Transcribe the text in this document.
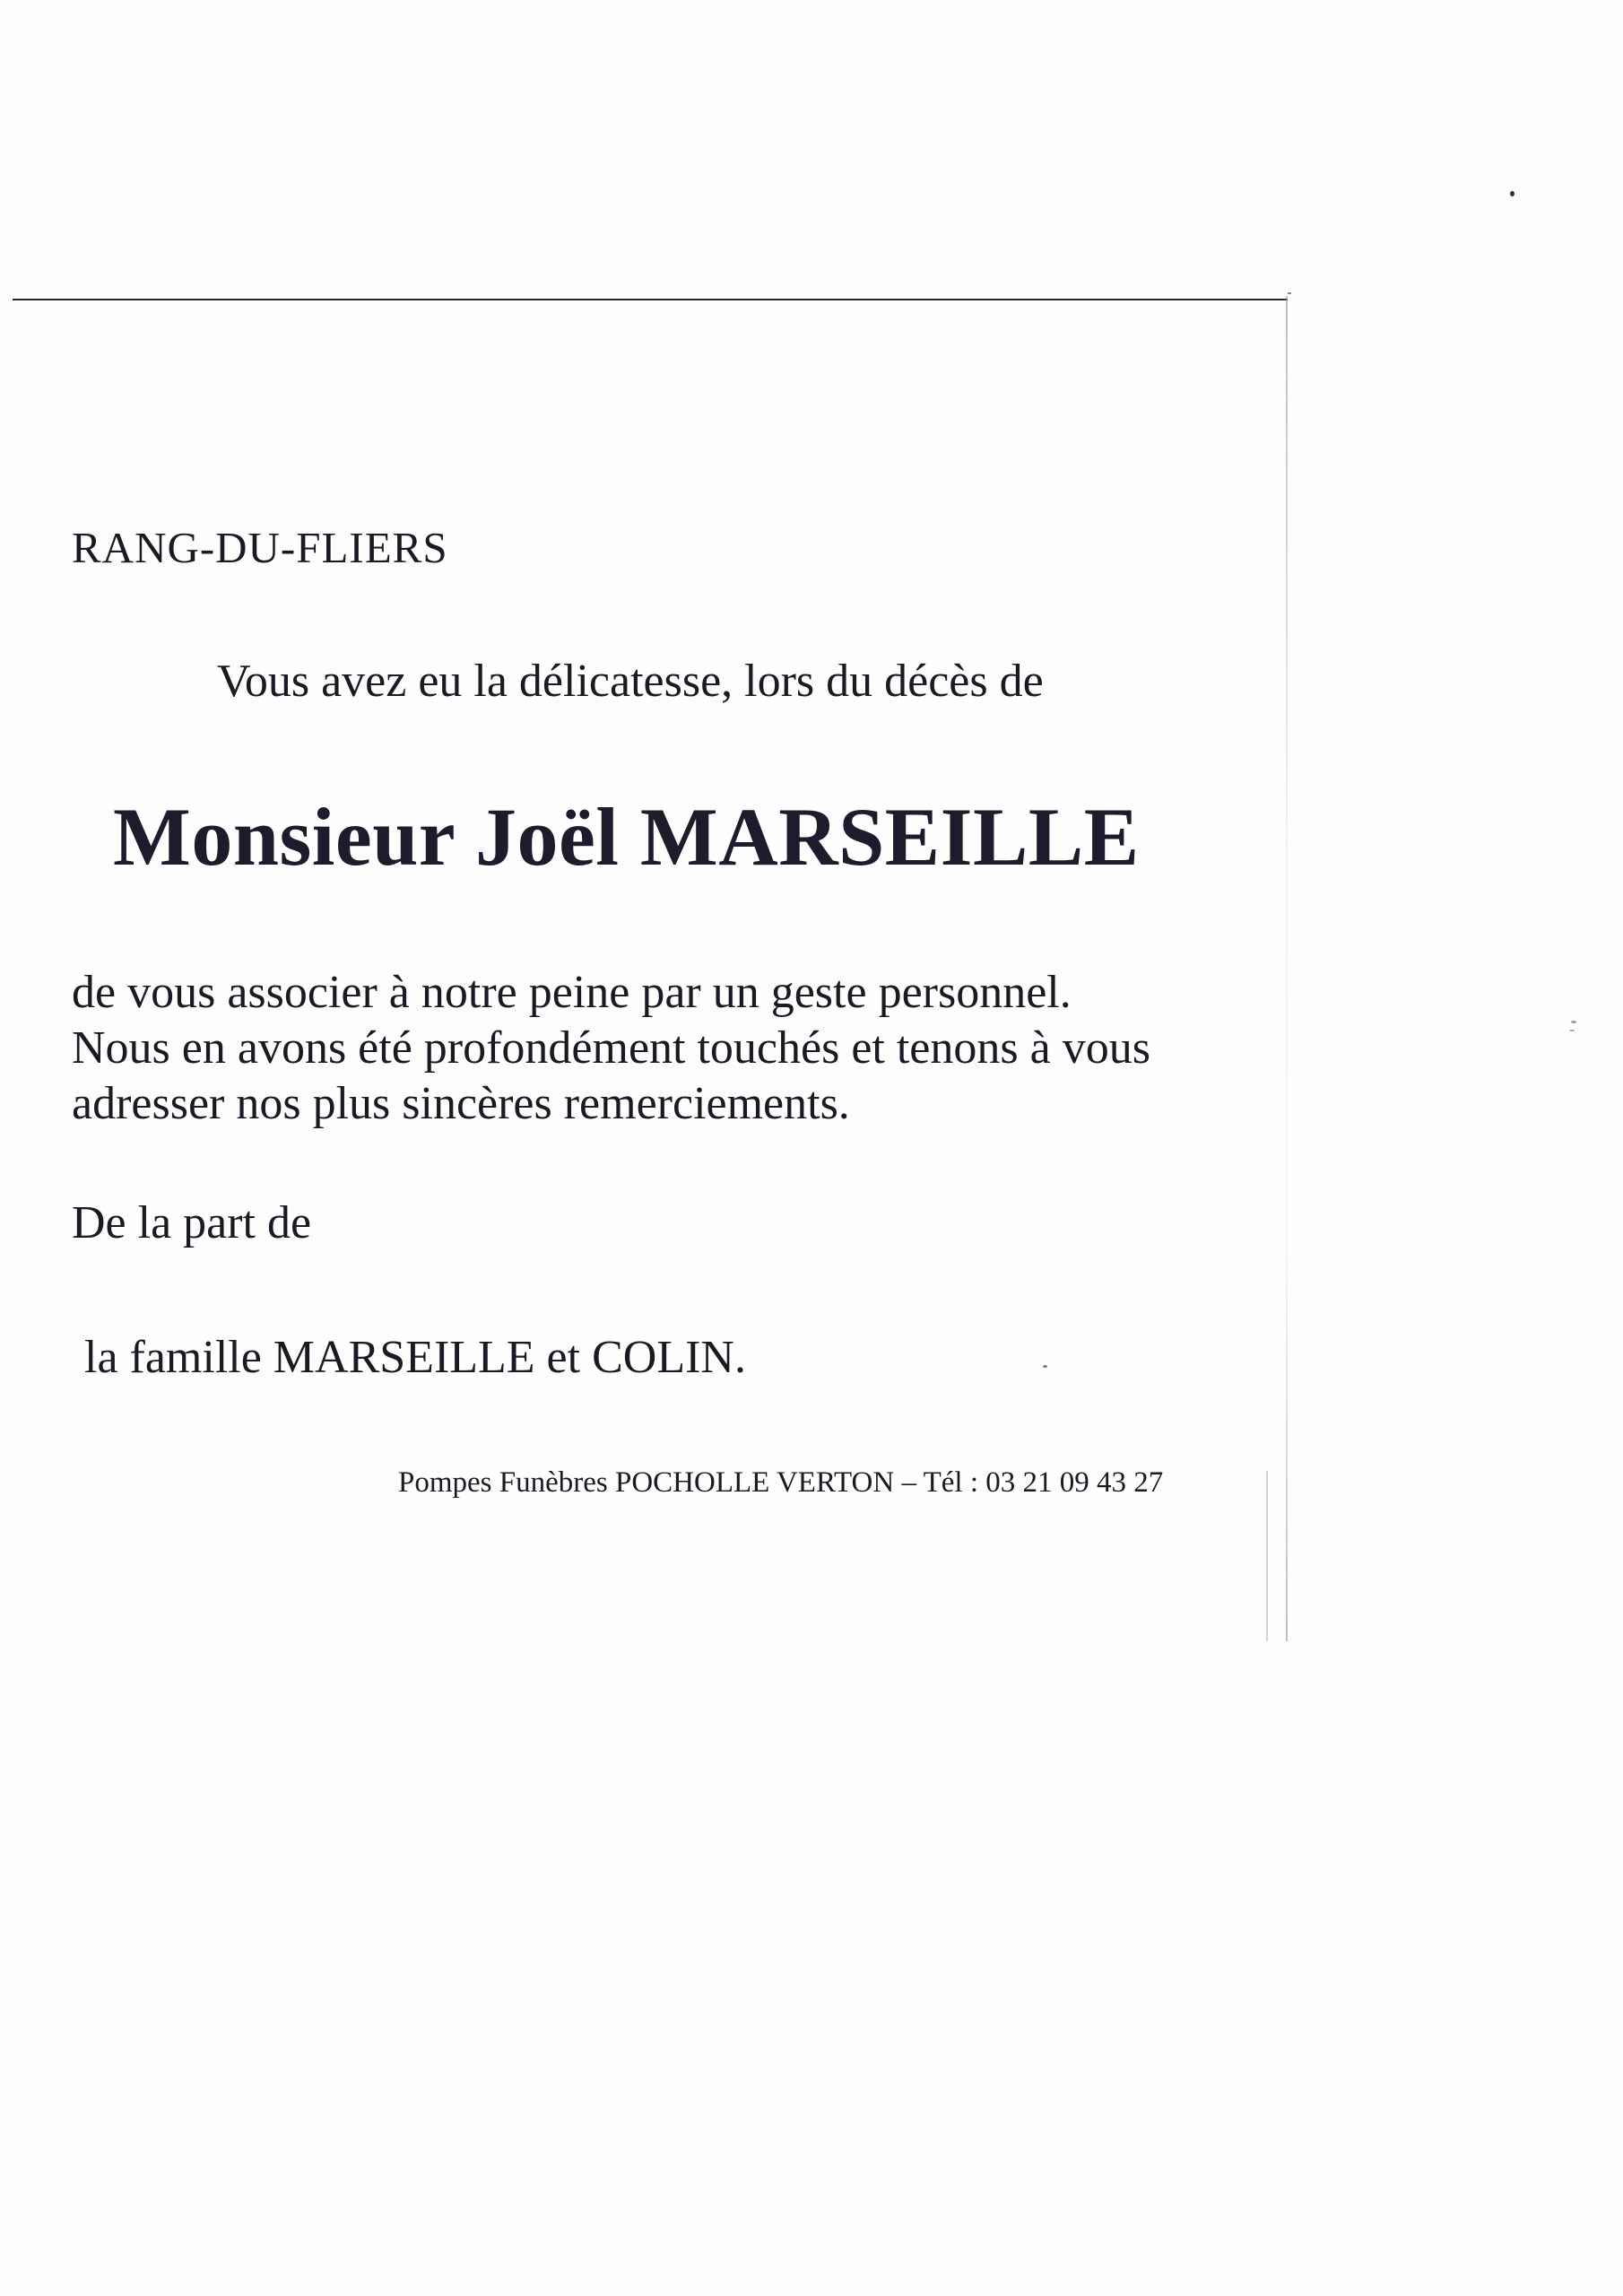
RANG-DU-FLIERS

Vous avez eu la délicatesse, lors du décès de

Monsieur Joël MARSEILLE

de vous associer à notre peine par un geste personnel.
Nous en avons été profondément touchés et tenons à vous
adresser nos plus sincères remerciements.

De la part de

la famille MARSEILLE et COLIN.

Pompes Funèbres POCHOLLE VERTON – Tél : 03 21 09 43 27
